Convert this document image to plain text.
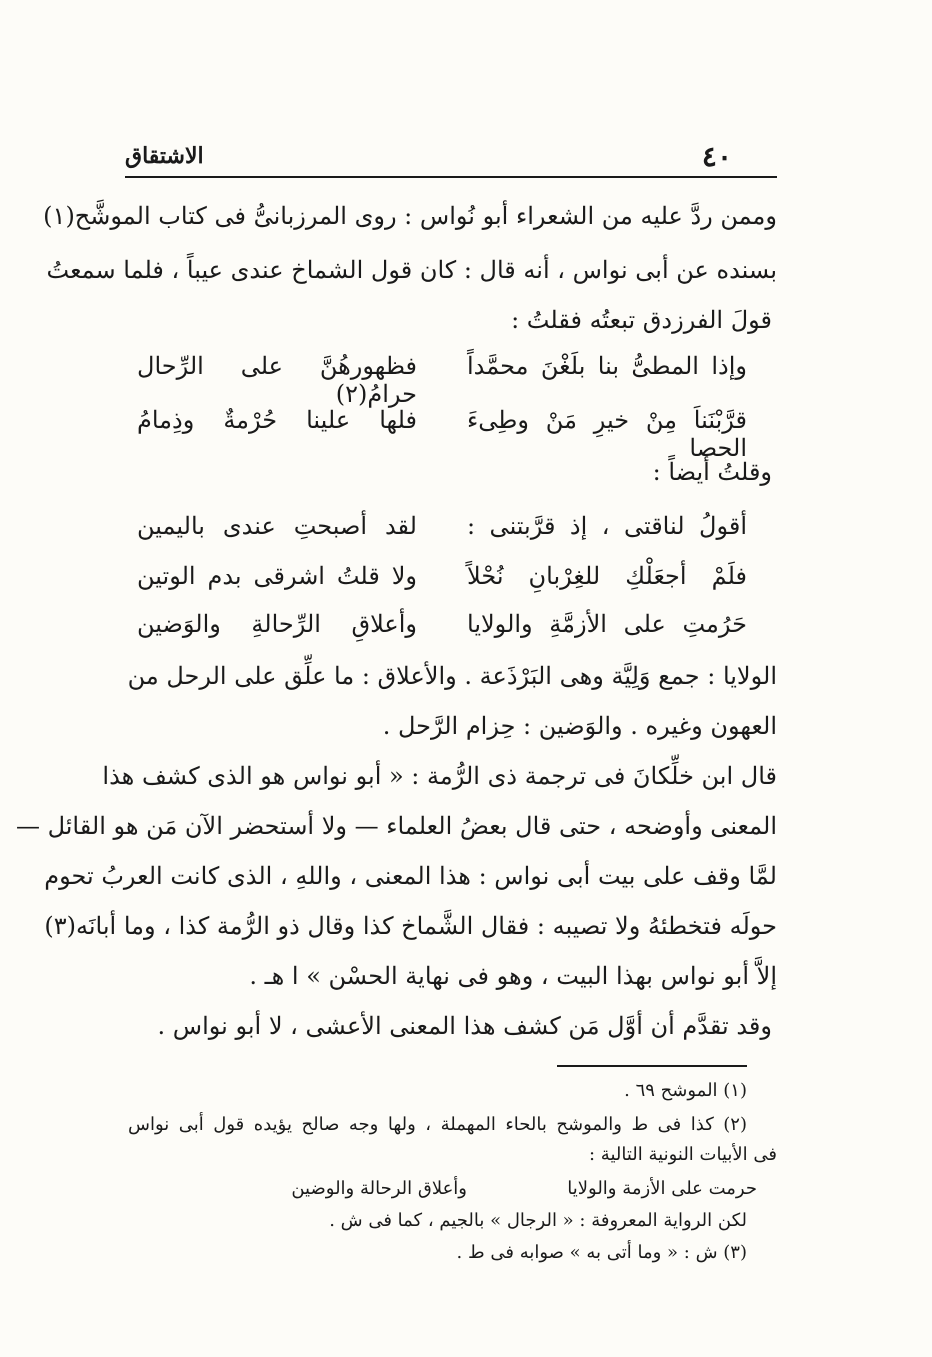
٤٠
الاشتقاق
وممن ردَّ عليه من الشعراء أبو نُواس : روى المرزبانىُّ فى كتاب الموشَّح(١)
بسنده عن أبى نواس ، أنه قال : كان قول الشماخ عندى عيباً ، فلما سمعتُ
قولَ الفرزدق تبعتُه فقلتُ :
وإذا المطىُّ بنا بلَغْنَ محمَّداً
فظهورهُنَّ على الرِّحال حرامُ(٢)
قرَّبْنَناَ مِنْ خيرِ مَنْ وطِىءَ الحصا
فلها علينا حُرْمةٌ وذِمامُ
وقلتُ أيضاً :
أقولُ لناقتى ، إذ قرَّبتنى :
لقد أصبحتِ عندى باليمين
فلَمْ أجعَلْكِ للغِرْبانِ نُحْلاً
ولا قلتُ اشرقى بدم الوتين
حَرُمتِ على الأزمَّةِ والولايا
وأعلاقِ الرِّحالةِ والوَضين
الولايا : جمع وَلِيَّة وهى البَرْذَعة . والأعلاق : ما علِّق على الرحل من
العهون وغيره . والوَضين : حِزام الرَّحل .
قال ابن خلِّكانَ فى ترجمة ذى الرُّمة : « أبو نواس هو الذى كشف هذا
المعنى وأوضحه ، حتى قال بعضُ العلماء — ولا أستحضر الآن مَن هو القائل —
لمَّا وقف على بيت أبى نواس : هذا المعنى ، واللهِ ، الذى كانت العربُ تحوم
حولَه فتخطئهُ ولا تصيبه : فقال الشَّماخ كذا وقال ذو الرُّمة كذا ، وما أبانَه(٣)
إلاَّ أبو نواس بهذا البيت ، وهو فى نهاية الحسْن » ا هـ .
وقد تقدَّم أن أوَّل مَن كشف هذا المعنى الأعشى ، لا أبو نواس .
(١) الموشح ٦٩ .
(٢) كذا فى ط والموشح بالحاء المهملة ، ولها وجه صالح يؤيده قول أبى نواس
فى الأبيات النونية التالية :
حرمت على الأزمة والولايا
وأعلاق الرحالة والوضين
لكن الرواية المعروفة : « الرجال » بالجيم ، كما فى ش .
(٣) ش : « وما أتى به » صوابه فى ط .
